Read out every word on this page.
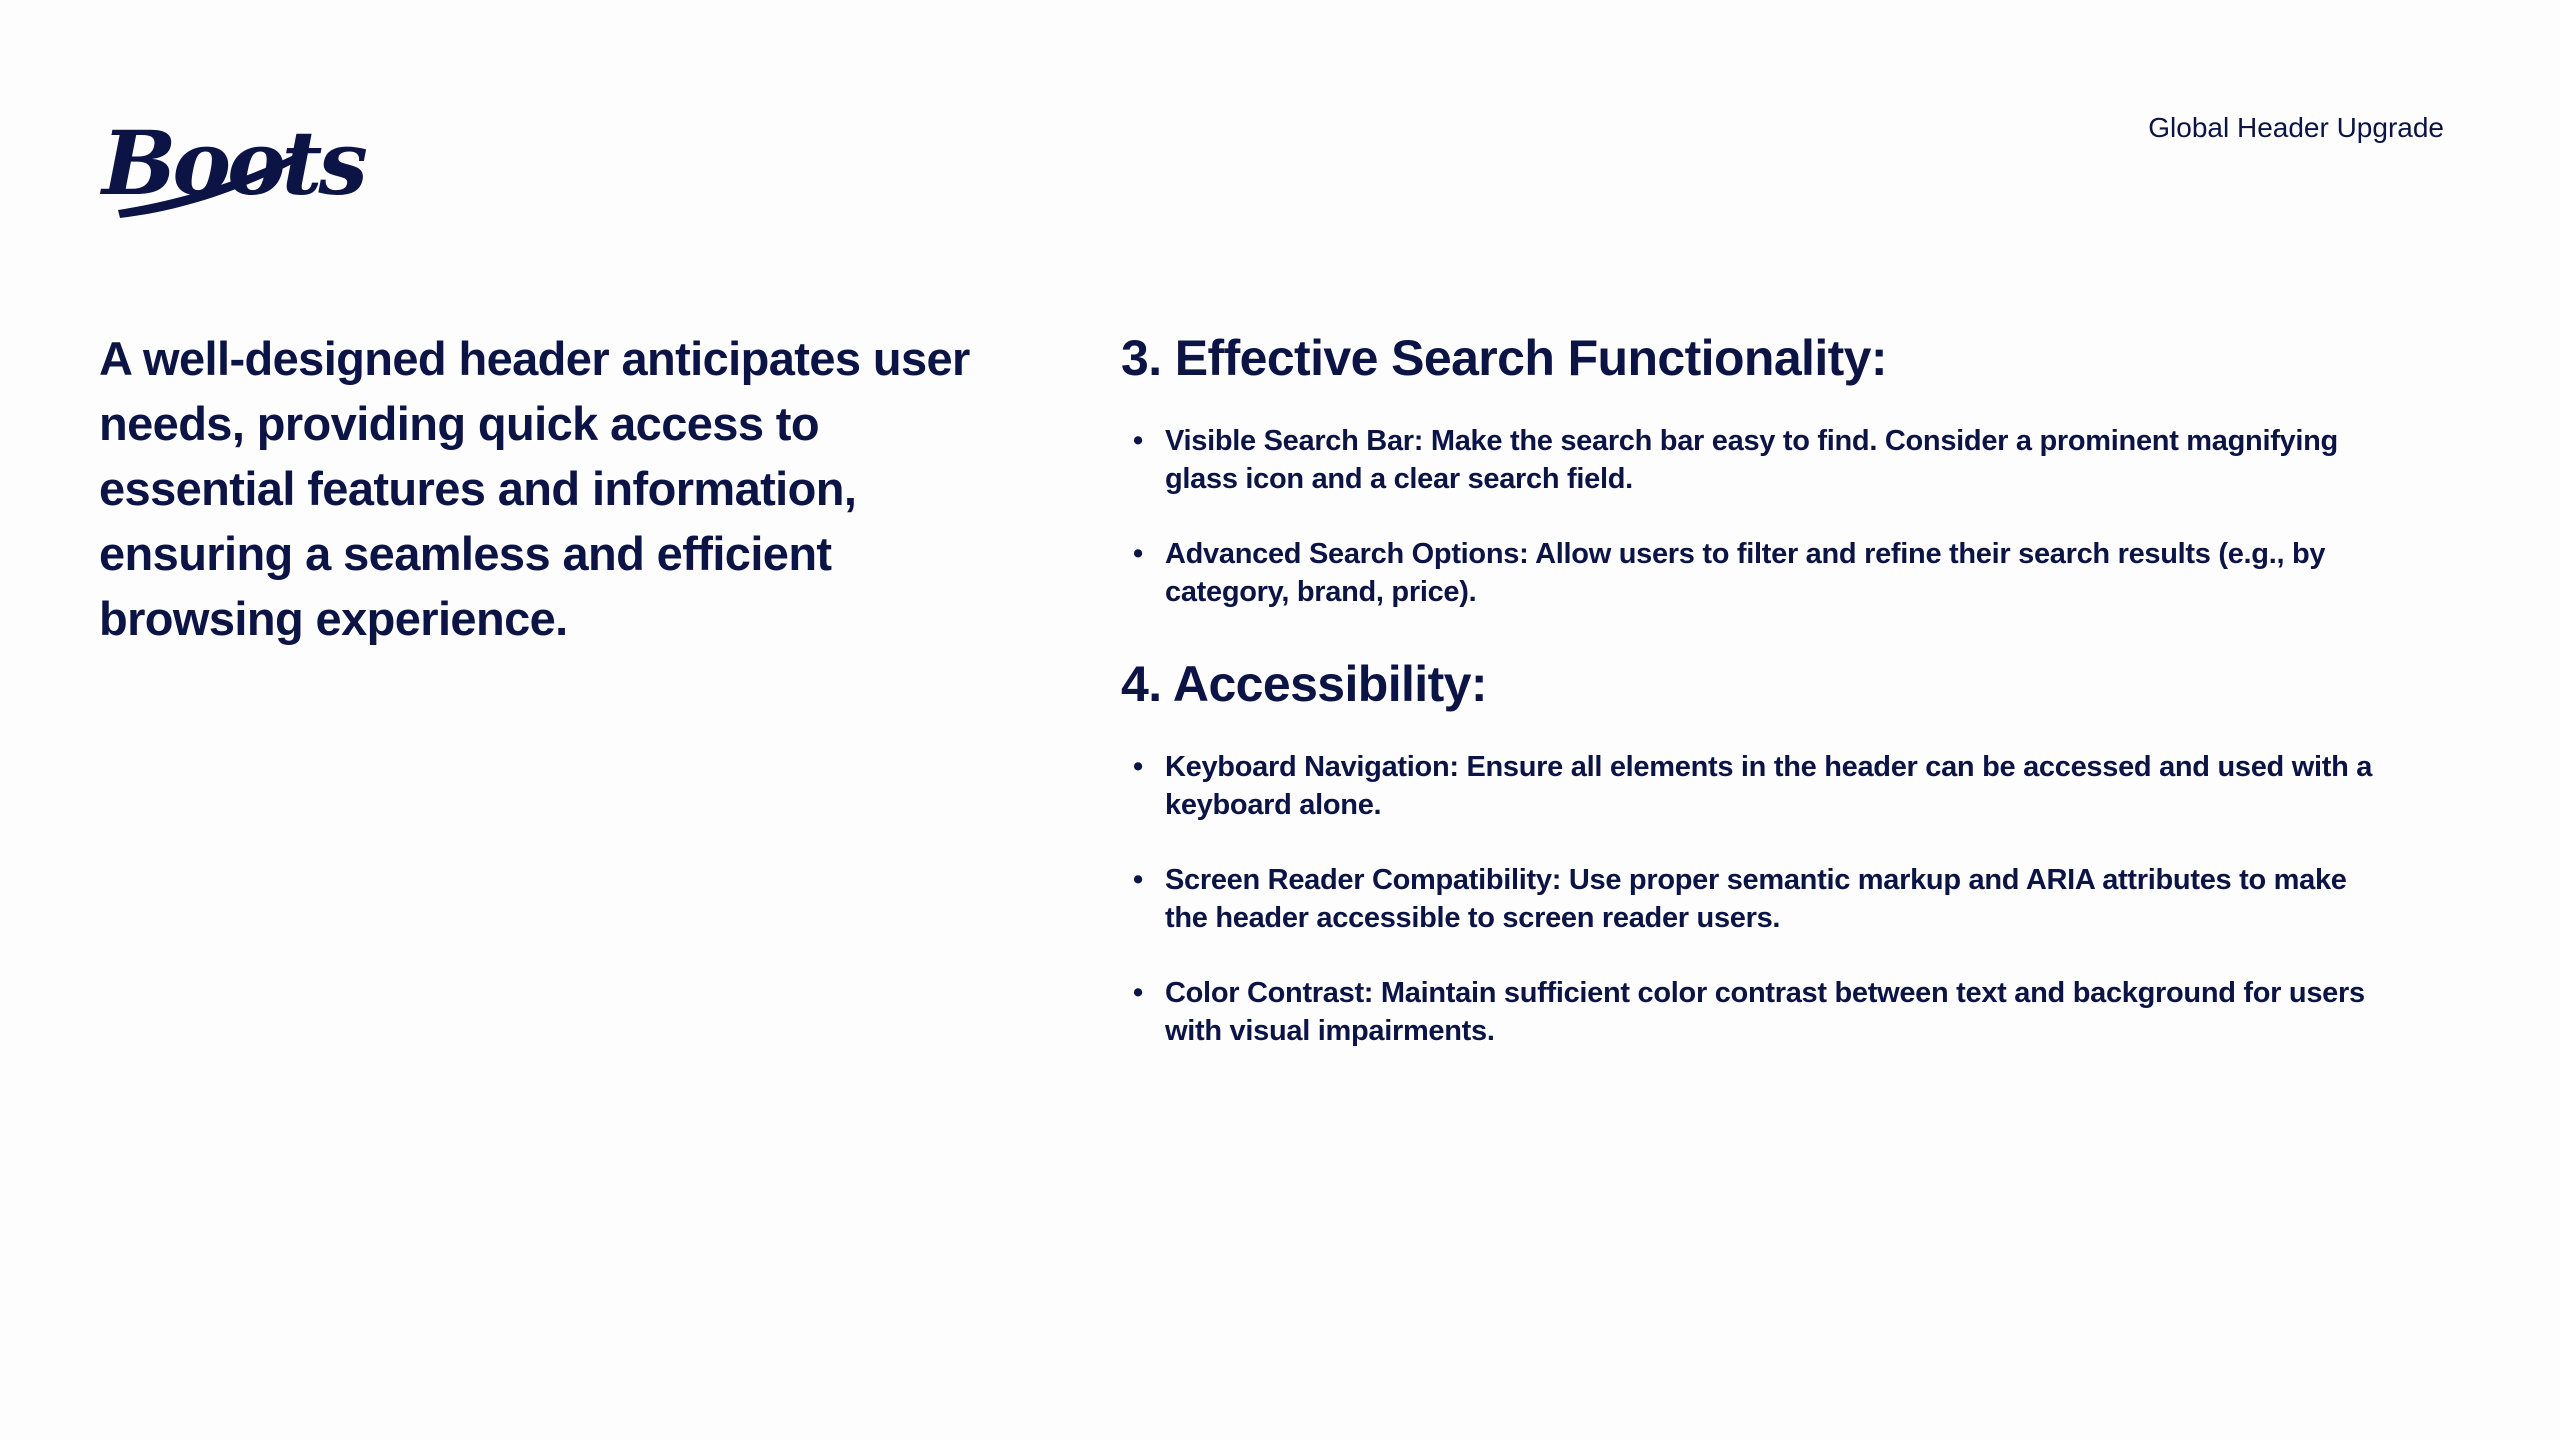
Boots	Global Header Upgrade

A well-designed header anticipates user needs, providing quick access to essential features and information, ensuring a seamless and efficient browsing experience.

3. Effective Search Functionality:
• Visible Search Bar: Make the search bar easy to find. Consider a prominent magnifying glass icon and a clear search field.
• Advanced Search Options: Allow users to filter and refine their search results (e.g., by category, brand, price).
4. Accessibility:
• Keyboard Navigation: Ensure all elements in the header can be accessed and used with a keyboard alone.
• Screen Reader Compatibility: Use proper semantic markup and ARIA attributes to make the header accessible to screen reader users.
• Color Contrast: Maintain sufficient color contrast between text and background for users with visual impairments.
